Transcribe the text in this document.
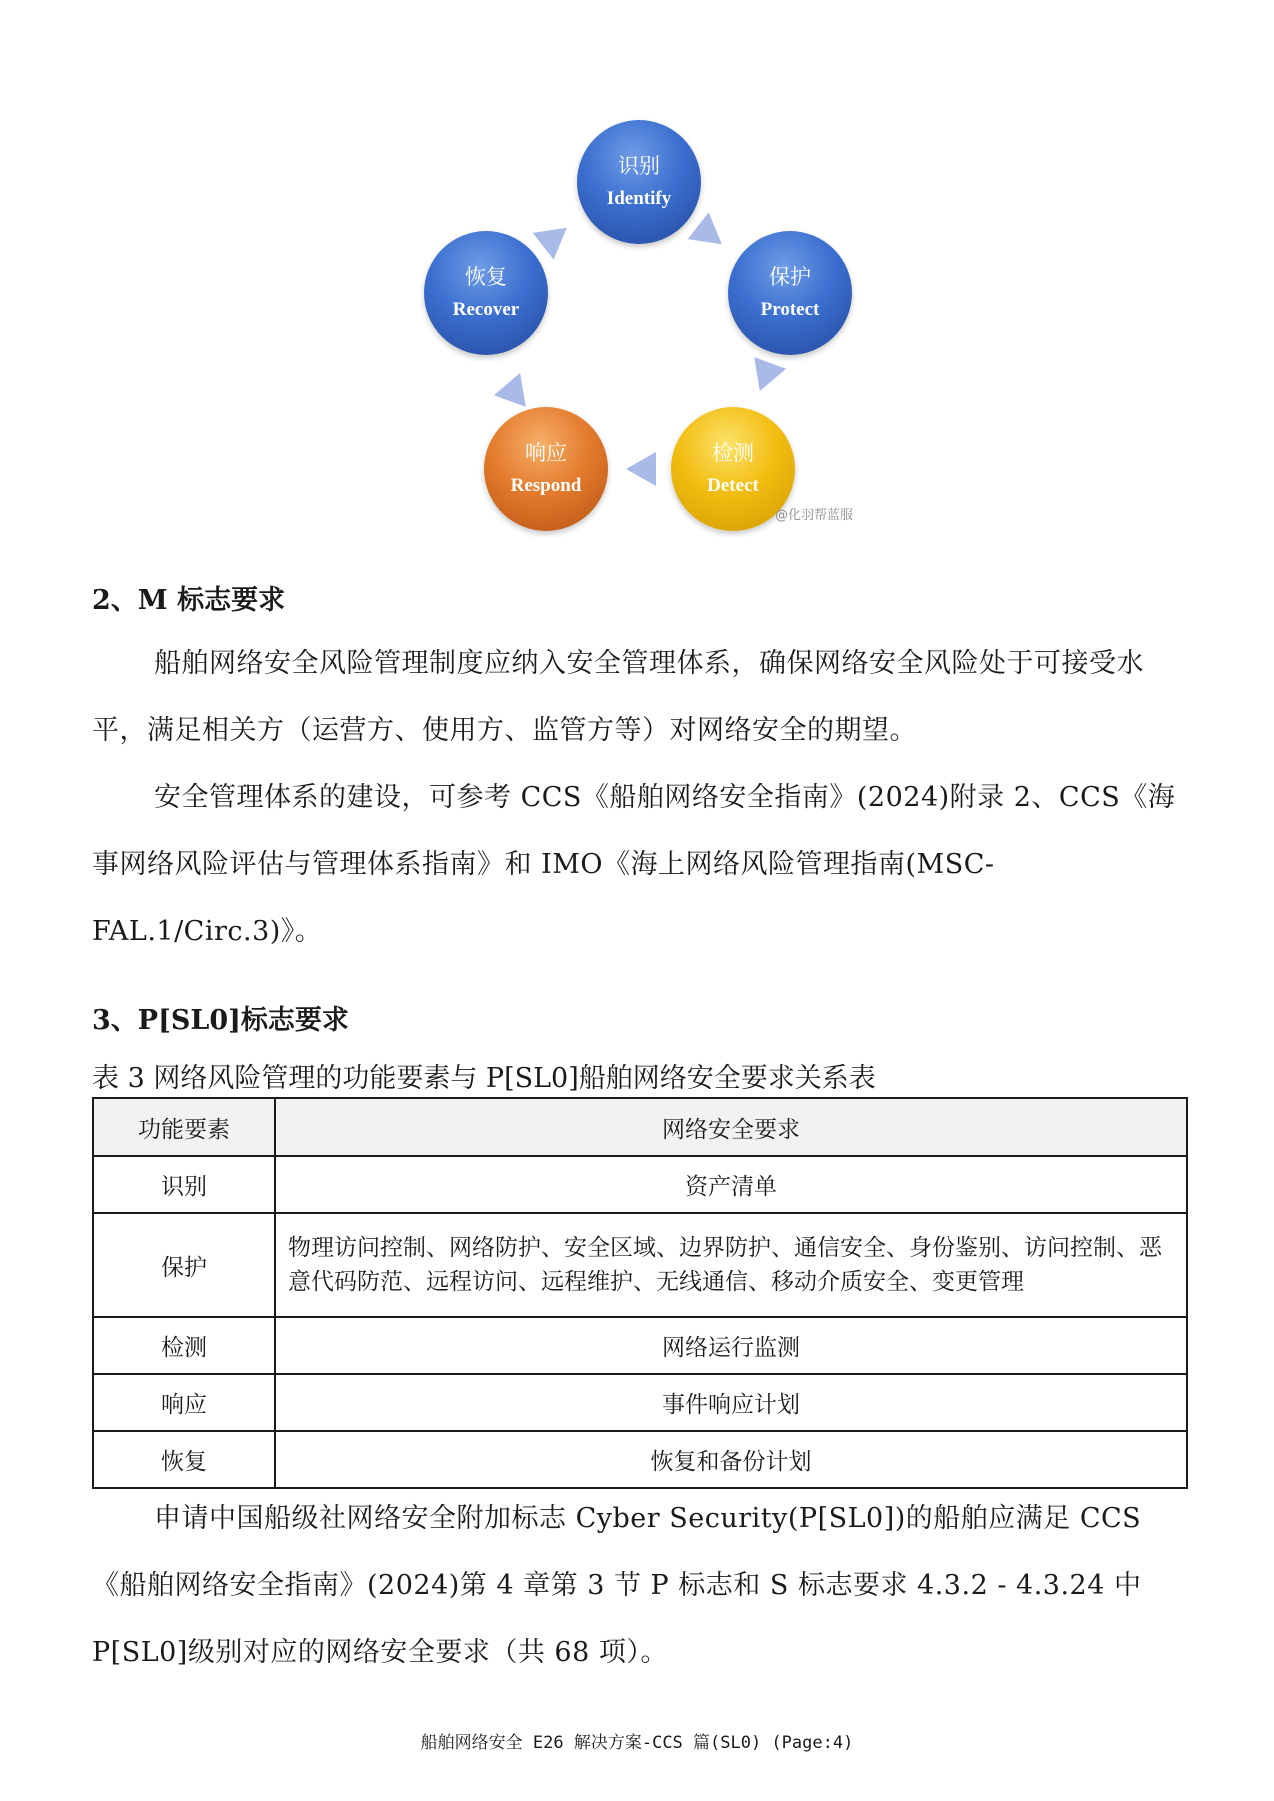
识别
Identify
保护
Protect
检测
Detect
响应
Respond
恢复
Recover
@化羽帮蓝服
2、M 标志要求

船舶网络安全风险管理制度应纳入安全管理体系，确保网络安全风险处于可接受水平，满足相关方（运营方、使用方、监管方等）对网络安全的期望。

安全管理体系的建设，可参考 CCS《船舶网络安全指南》(2024)附录 2、CCS《海事网络风险评估与管理体系指南》和 IMO《海上网络风险管理指南(MSC-FAL.1/Circ.3)》。

3、P[SL0]标志要求

表 3 网络风险管理的功能要素与 P[SL0]船舶网络安全要求关系表

功能要素	网络安全要求
识别	资产清单
保护	物理访问控制、网络防护、安全区域、边界防护、通信安全、身份鉴别、访问控制、恶意代码防范、远程访问、远程维护、无线通信、移动介质安全、变更管理
检测	网络运行监测
响应	事件响应计划
恢复	恢复和备份计划

申请中国船级社网络安全附加标志 Cyber Security(P[SL0])的船舶应满足 CCS《船舶网络安全指南》(2024)第 4 章第 3 节 P 标志和 S 标志要求 4.3.2 - 4.3.24 中 P[SL0]级别对应的网络安全要求（共 68 项）。

船舶网络安全 E26 解决方案-CCS 篇(SL0) (Page:4)
